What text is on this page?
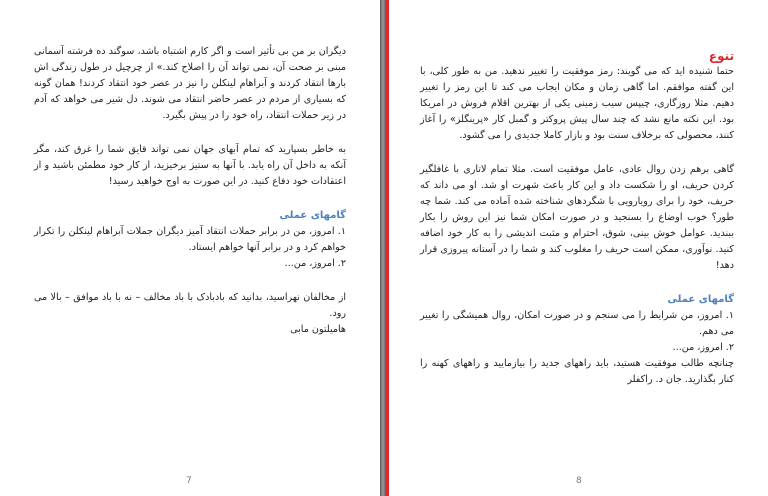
دیگران بر من بی تأثیر است و اگر کارم اشتباه باشد، سوگند ده فرشته آسمانی مبنی بر صحت آن، نمی تواند آن را اصلاح کند.» از چرچیل در طول زندگی اش بارها انتقاد کردند و آبراهام لینکلن را نیز در عصر خود انتقاد کردند! همان گونه که بسیاری از مردم در عصر حاضر انتقاد می شوند. دل شیر می خواهد که آدم در زیر حملات انتقاد، راه خود را در پیش بگیرد.

به خاطر بسپارید که تمام آبهای جهان نمی تواند قایق شما را غرق کند، مگر آنکه به داخل آن راه یابد. با آنها به ستیز برخیزید، از کار خود مطمئن باشید و از اعتقادات خود دفاع کنید. در این صورت به اوج خواهید رسید!

گامهای عملی

۱. امروز، من در برابر حملات انتقاد آمیز دیگران جملات آبراهام لینکلن را تکرار خواهم کرد و در برابر آنها خواهم ایستاد.

۲. امروز، من...

از مخالفان نهراسید، بدانید که بادبادک با باد مخالف – نه با باد موافق – بالا می رود.

هامیلتون مابی

7

تنوع

حتما شنیده اید که می گویند: رمز موفقیت را تغییر ندهید. من به طور کلی، با این گفته موافقم. اما گاهی زمان و مکان ایجاب می کند تا این رمز را تغییر دهیم. مثلا روزگاری، چیپس سیب زمینی یکی از بهترین اقلام فروش در امریکا بود. این نکته مانع نشد که چند سال پیش پروکتر و گمبل کار «پرینگلز» را آغاز کنند، محصولی که برخلاف سنت بود و بازار کاملا جدیدی را می گشود.

گاهی برهم زدن روال عادی، عامل موفقیت است. مثلا تمام لاتاری با غافلگیر کردن حریف، او را شکست داد و این کار باعث شهرت او شد. او می داند که حریف، خود را برای رویارویی با شگردهای شناخته شده آماده می کند. شما چه طور؟ خوب اوضاع را بسنجید و در صورت امکان شما نیز این روش را بکار ببندید. عوامل خوش بینی، شوق، احترام و مثبت اندیشی را به کار خود اضافه کنید. نوآوری، ممکن است حریف را مغلوب کند و شما را در آستانه پیروزی قرار دهد!

گامهای عملی

۱. امروز، من شرایط را می سنجم و در صورت امکان، روال همیشگی را تغییر می دهم.

۲. امروز، من...

چنانچه طالب موفقیت هستید، باید راههای جدید را بیازمایید و راههای کهنه را کنار بگذارید. جان د. راکفلر

8
